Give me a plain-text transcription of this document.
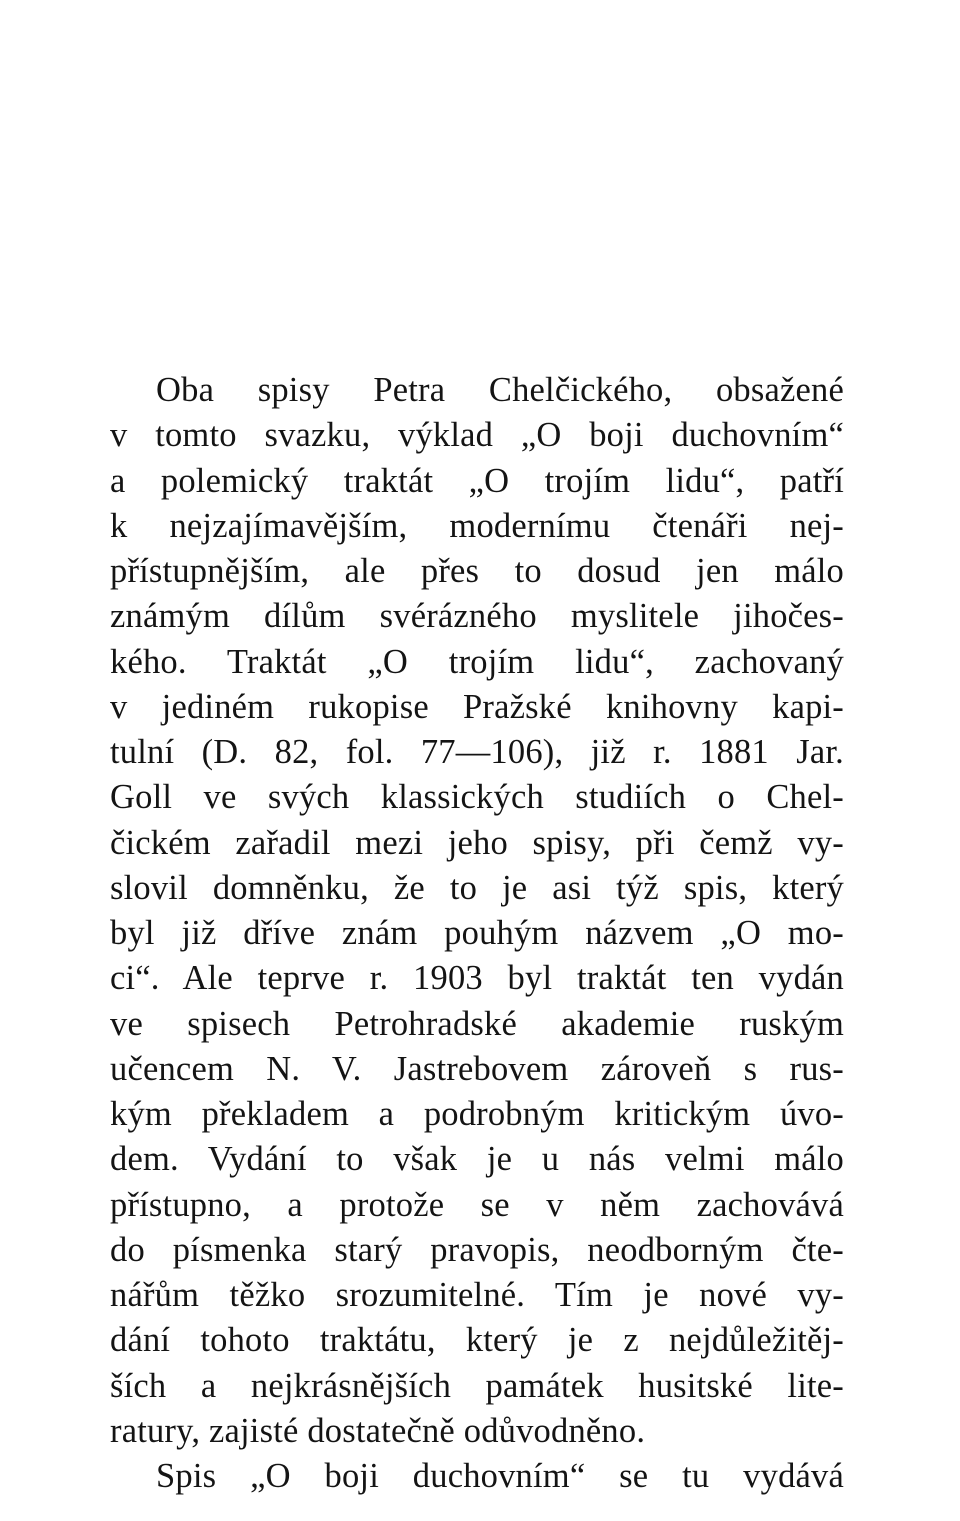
Oba spisy Petra Chelčického, obsažené
v tomto svazku, výklad „O boji duchovním“
a polemický traktát „O trojím lidu“, patří
k nejzajímavějším, modernímu čtenáři nej-
přístupnějším, ale přes to dosud jen málo
známým dílům svérázného myslitele jihočes-
kého. Traktát „O trojím lidu“, zachovaný
v jediném rukopise Pražské knihovny kapi-
tulní (D. 82, fol. 77—106), již r. 1881 Jar.
Goll ve svých klassických studiích o Chel-
čickém zařadil mezi jeho spisy, při čemž vy-
slovil domněnku, že to je asi týž spis, který
byl již dříve znám pouhým názvem „O mo-
ci“. Ale teprve r. 1903 byl traktát ten vydán
ve spisech Petrohradské akademie ruským
učencem N. V. Jastrebovem zároveň s rus-
kým překladem a podrobným kritickým úvo-
dem. Vydání to však je u nás velmi málo
přístupno, a protože se v něm zachovává
do písmenka starý pravopis, neodborným čte-
nářům těžko srozumitelné. Tím je nové vy-
dání tohoto traktátu, který je z nejdůležitěj-
ších a nejkrásnějších památek husitské lite-
ratury, zajisté dostatečně odůvodněno.
Spis „O boji duchovním“ se tu vydává
